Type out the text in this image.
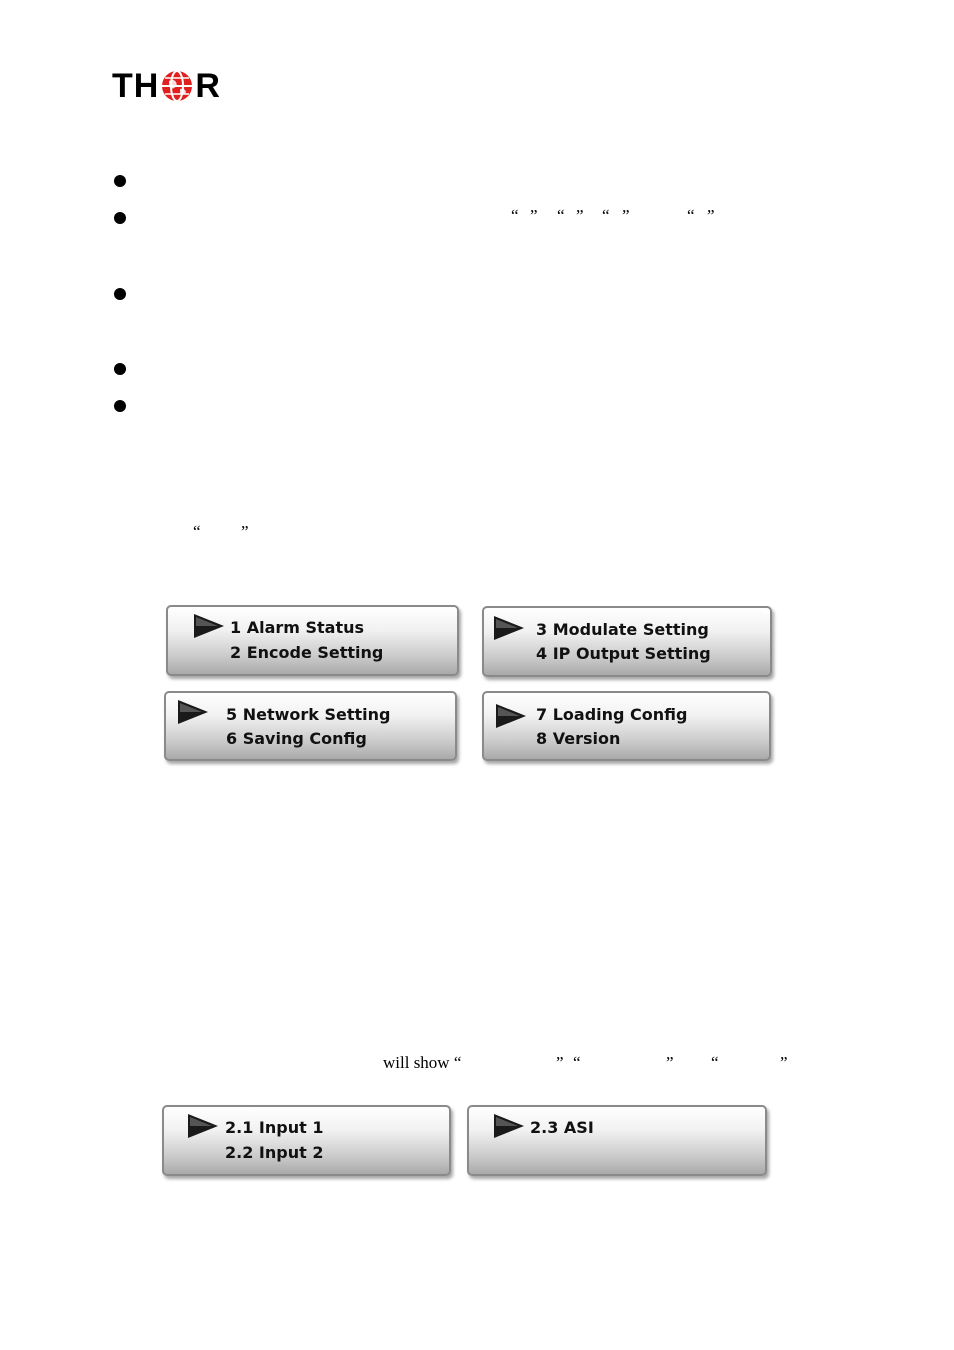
TH R
“ ” “ ” “ ”	“ ”
“ ”
1 Alarm Status
2 Encode Setting
3 Modulate Setting
4 IP Output Setting
5 Network Setting
6 Saving Config
7 Loading Config
8 Version
will show “	” “	” “	”
2.1 Input 1
2.2 Input 2
2.3 ASI
